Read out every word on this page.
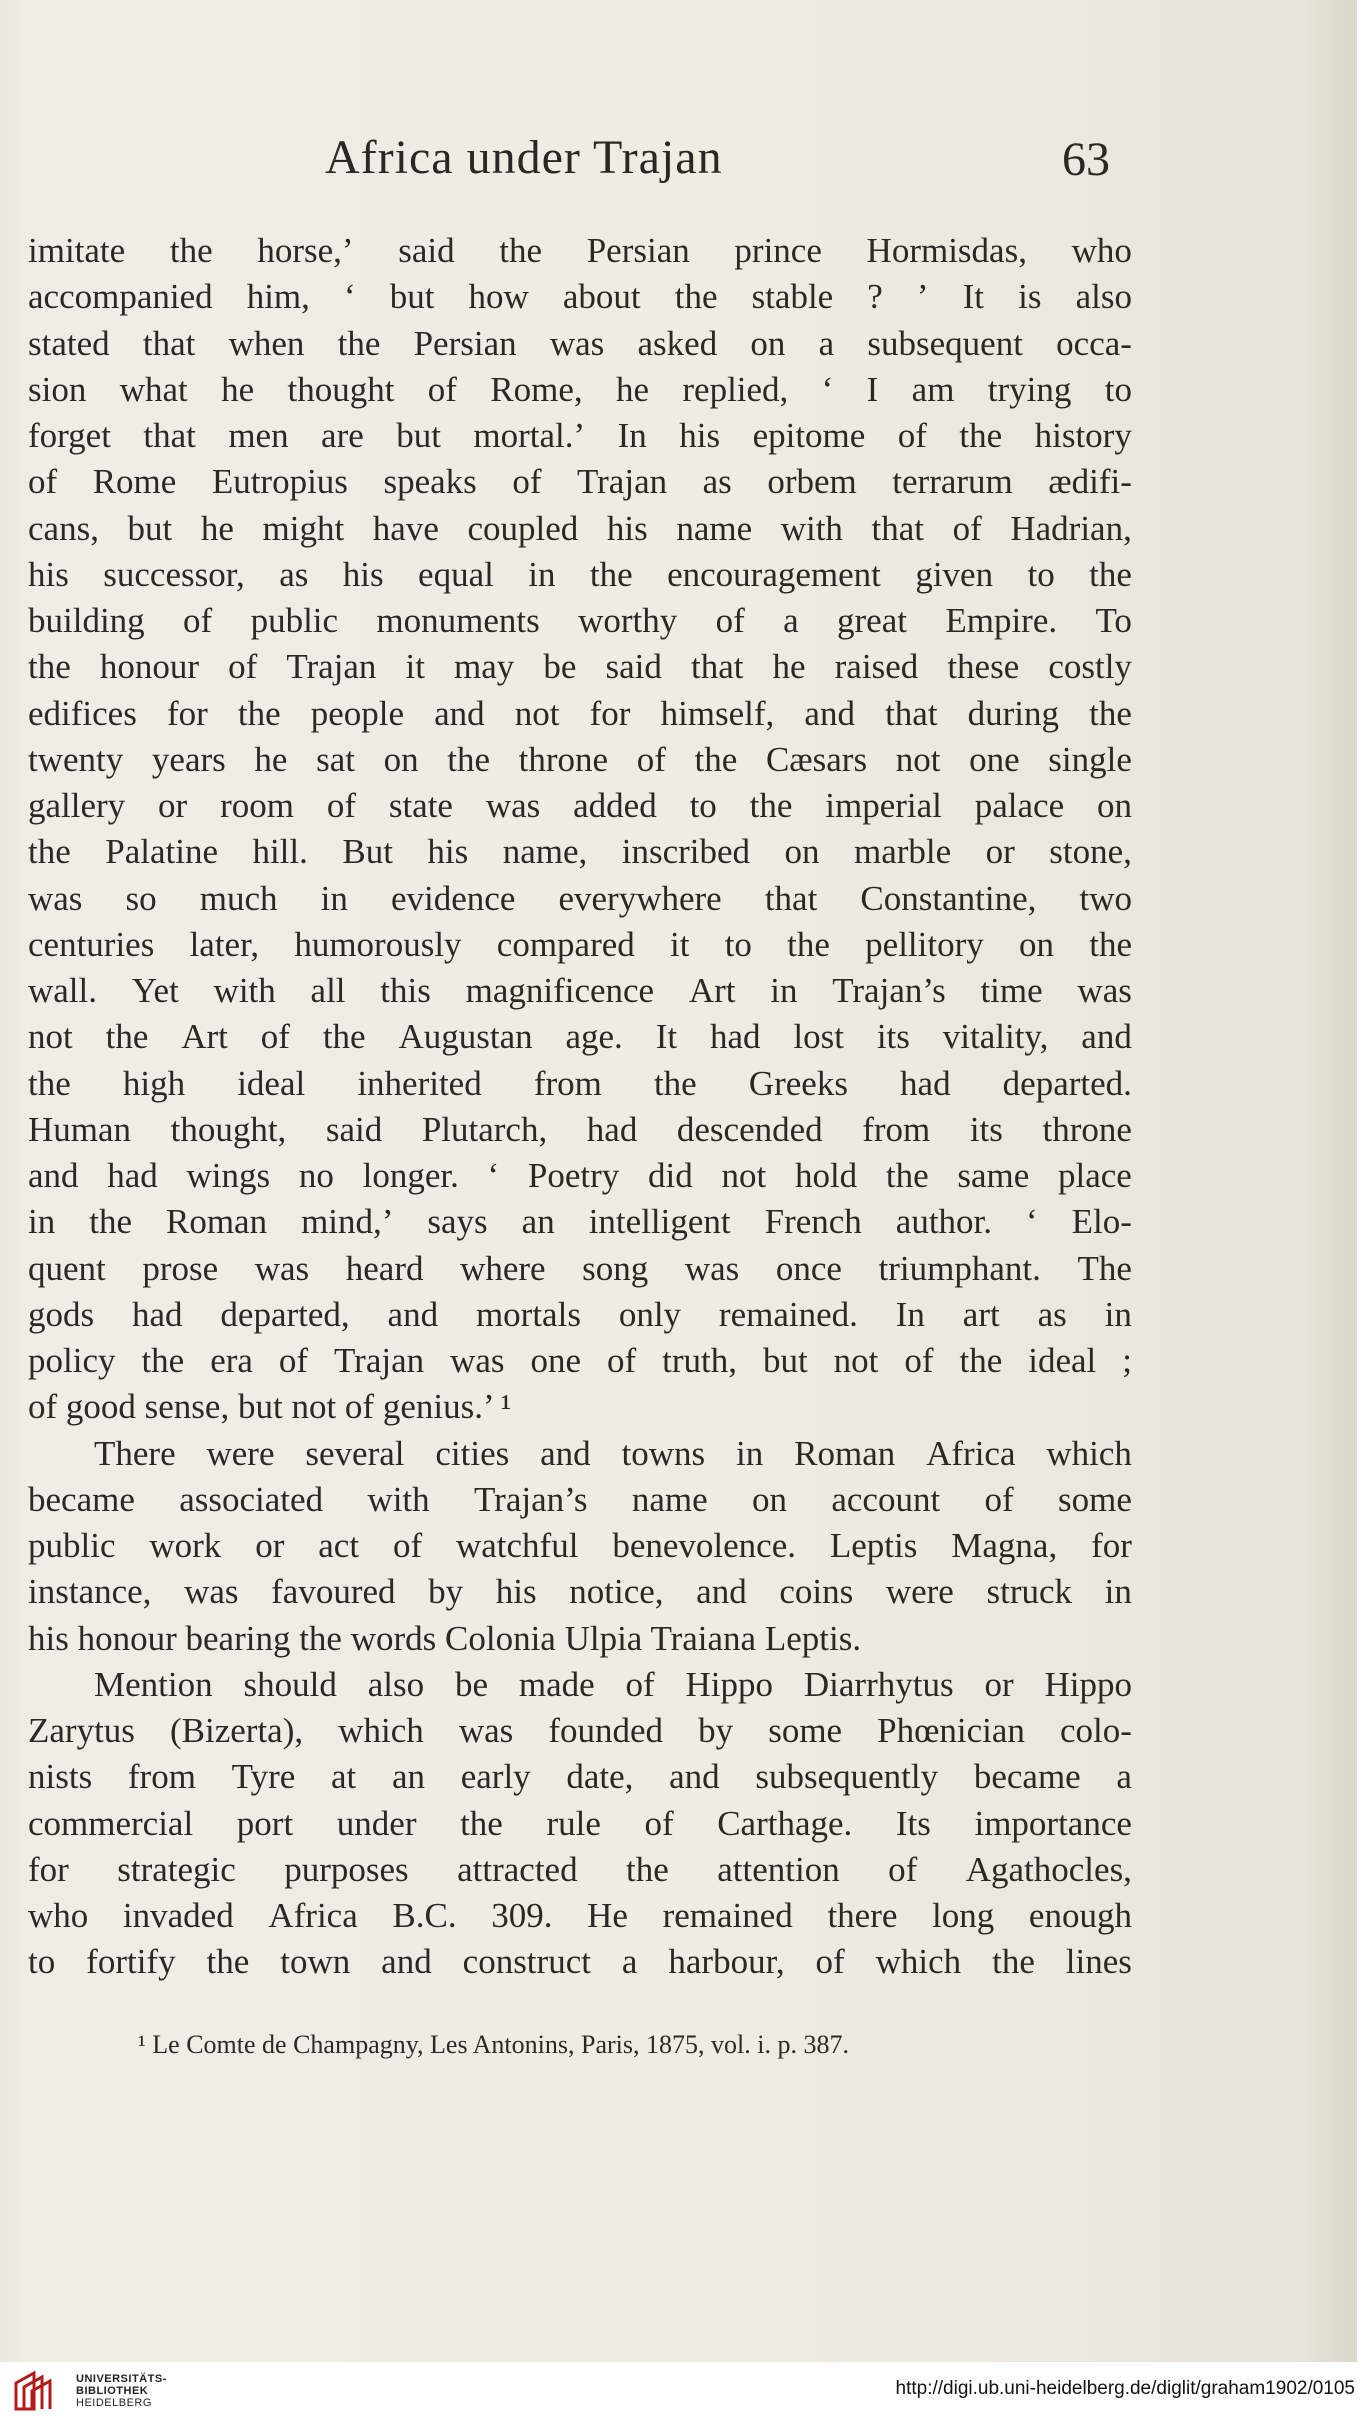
Africa under Trajan	63
imitate the horse,’ said the Persian prince Hormisdas, who
accompanied him, ‘ but how about the stable ? ’ It is also
stated that when the Persian was asked on a subsequent occa-
sion what he thought of Rome, he replied, ‘ I am trying to
forget that men are but mortal.’ In his epitome of the history
of Rome Eutropius speaks of Trajan as orbem terrarum ædifi-
cans, but he might have coupled his name with that of Hadrian,
his successor, as his equal in the encouragement given to the
building of public monuments worthy of a great Empire. To
the honour of Trajan it may be said that he raised these costly
edifices for the people and not for himself, and that during the
twenty years he sat on the throne of the Cæsars not one single
gallery or room of state was added to the imperial palace on
the Palatine hill. But his name, inscribed on marble or stone,
was so much in evidence everywhere that Constantine, two
centuries later, humorously compared it to the pellitory on the
wall. Yet with all this magnificence Art in Trajan’s time was
not the Art of the Augustan age. It had lost its vitality, and
the high ideal inherited from the Greeks had departed.
Human thought, said Plutarch, had descended from its throne
and had wings no longer. ‘ Poetry did not hold the same place
in the Roman mind,’ says an intelligent French author. ‘ Elo-
quent prose was heard where song was once triumphant. The
gods had departed, and mortals only remained. In art as in
policy the era of Trajan was one of truth, but not of the ideal ;
of good sense, but not of genius.’ ¹
There were several cities and towns in Roman Africa which
became associated with Trajan’s name on account of some
public work or act of watchful benevolence. Leptis Magna, for
instance, was favoured by his notice, and coins were struck in
his honour bearing the words Colonia Ulpia Traiana Leptis.
Mention should also be made of Hippo Diarrhytus or Hippo
Zarytus (Bizerta), which was founded by some Phœnician colo-
nists from Tyre at an early date, and subsequently became a
commercial port under the rule of Carthage. Its importance
for strategic purposes attracted the attention of Agathocles,
who invaded Africa B.C. 309. He remained there long enough
to fortify the town and construct a harbour, of which the lines
¹ Le Comte de Champagny, Les Antonins, Paris, 1875, vol. i. p. 387.
UNIVERSITÄTS-
BIBLIOTHEK
HEIDELBERG
http://digi.ub.uni-heidelberg.de/diglit/graham1902/0105
